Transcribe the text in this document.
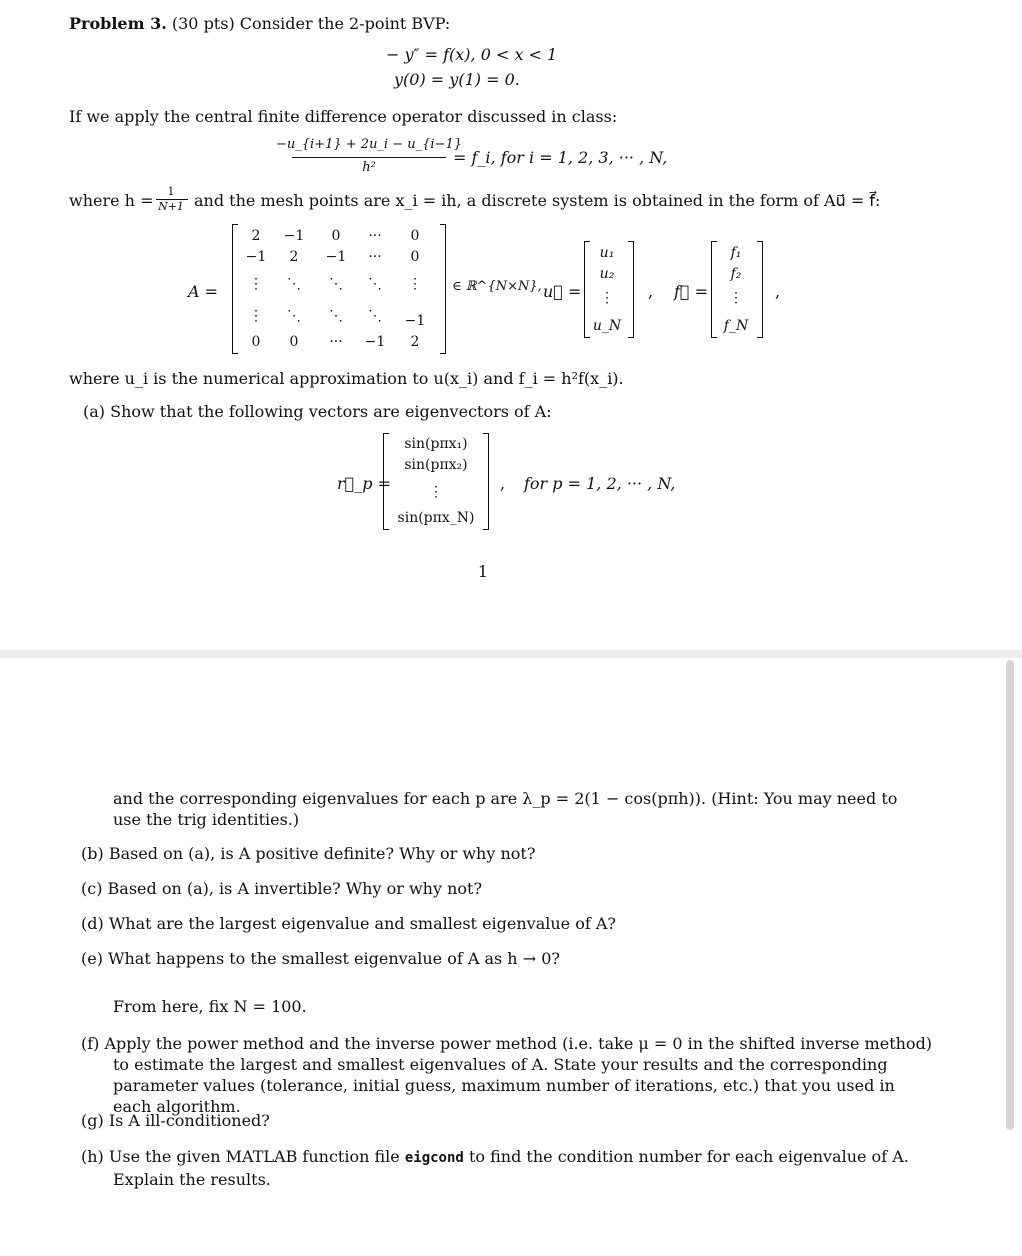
Problem 3. (30 pts) Consider the 2-point BVP:
− y″ = f(x), 0 < x < 1
y(0) = y(1) = 0.
If we apply the central finite difference operator discussed in class:
−u_{i+1} + 2u_i − u_{i−1}
h²
= f_i, for i = 1, 2, 3, ··· , N,
where h = 1
N+1 and the mesh points are x_i = ih, a discrete system is obtained in the form of Au⃗ = f⃗:
A =
2 −1 0 ··· 0
−1 2 −1 ··· 0
⋮ ⋱ ⋱ ⋱ ⋮
⋮ ⋱ ⋱ ⋱ −1
0 0 ··· −1 2
∈ ℝ^{N×N}, u⃗ =
u₁
u₂
⋮
u_N
, f⃗ =
f₁
f₂
⋮
f_N
,
where u_i is the numerical approximation to u(x_i) and f_i = h²f(x_i).
(a) Show that the following vectors are eigenvectors of A:
r⃗_p =
sin(pπx₁)
sin(pπx₂)
⋮
sin(pπx_N)
, for p = 1, 2, ··· , N,
1
and the corresponding eigenvalues for each p are λ_p = 2(1 − cos(pπh)). (Hint: You may need to use the trig identities.)
(b) Based on (a), is A positive definite? Why or why not?
(c) Based on (a), is A invertible? Why or why not?
(d) What are the largest eigenvalue and smallest eigenvalue of A?
(e) What happens to the smallest eigenvalue of A as h → 0?
From here, fix N = 100.
(f) Apply the power method and the inverse power method (i.e. take μ = 0 in the shifted inverse method) to estimate the largest and smallest eigenvalues of A. State your results and the corresponding parameter values (tolerance, initial guess, maximum number of iterations, etc.) that you used in each algorithm.
(g) Is A ill-conditioned?
(h) Use the given MATLAB function file eigcond to find the condition number for each eigenvalue of A. Explain the results.
